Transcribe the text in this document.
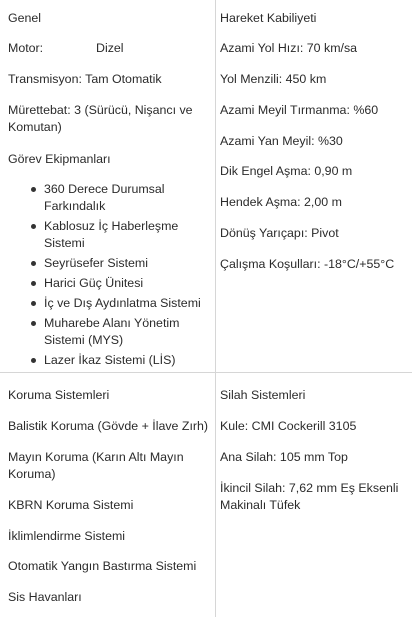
Genel
Motor:	Dizel
Transmisyon: Tam Otomatik
Mürettebat: 3 (Sürücü, Nişancı ve Komutan)
Görev Ekipmanları
360 Derece Durumsal Farkındalık
Kablosuz İç Haberleşme Sistemi
Seyrüsefer Sistemi
Harici Güç Ünitesi
İç ve Dış Aydınlatma Sistemi
Muharebe Alanı Yönetim Sistemi (MYS)
Lazer İkaz Sistemi (LİS)
Hareket Kabiliyeti
Azami Yol Hızı: 70 km/sa
Yol Menzili: 450 km
Azami Meyil Tırmanma: %60
Azami Yan Meyil: %30
Dik Engel Aşma: 0,90 m
Hendek Aşma: 2,00 m
Dönüş Yarıçapı: Pivot
Çalışma Koşulları: -18°C/+55°C
Koruma Sistemleri
Balistik Koruma (Gövde + İlave Zırh)
Mayın Koruma (Karın Altı Mayın Koruma)
KBRN Koruma Sistemi
İklimlendirme Sistemi
Otomatik Yangın Bastırma Sistemi
Sis Havanları
Silah Sistemleri
Kule: CMI Cockerill 3105
Ana Silah: 105 mm Top
İkincil Silah: 7,62 mm Eş Eksenli Makinalı Tüfek
